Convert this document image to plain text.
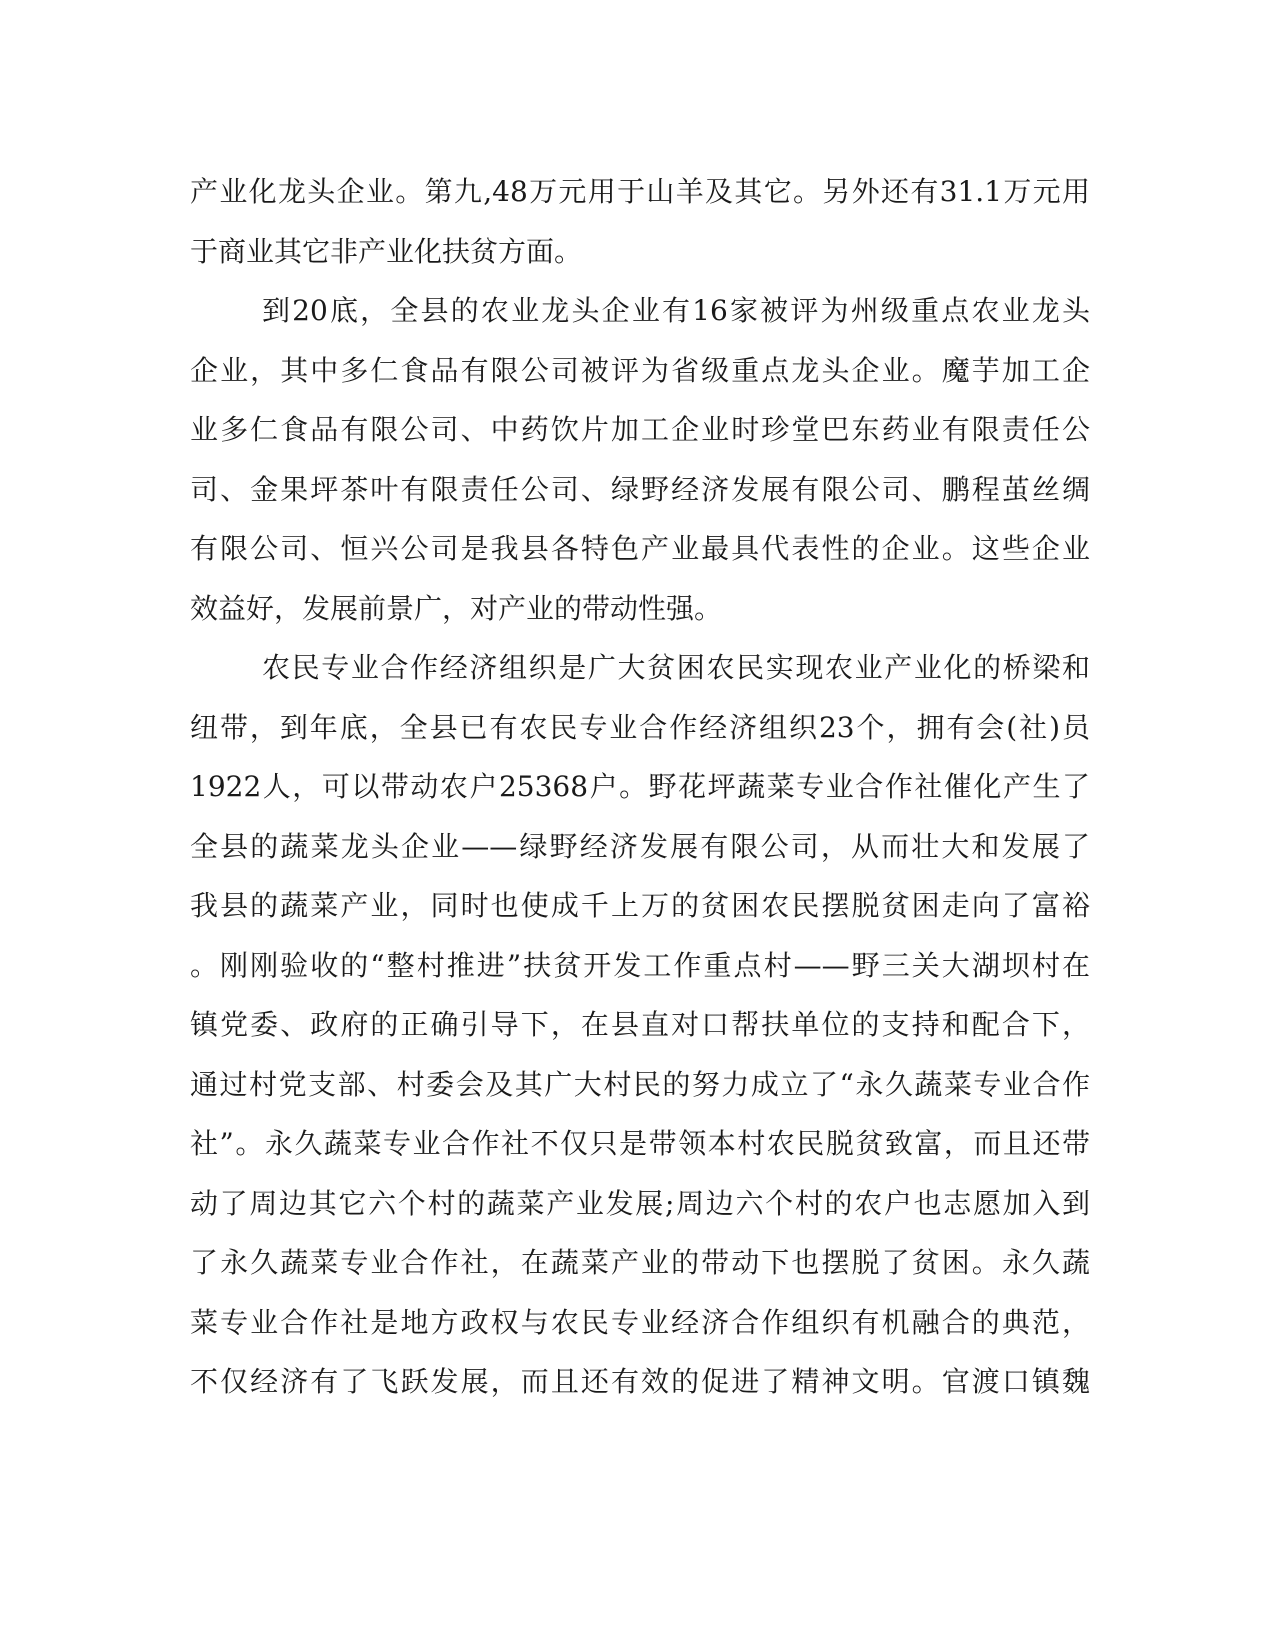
产业化龙头企业。第九,48万元用于山羊及其它。另外还有31.1万元用
于商业其它非产业化扶贫方面。
到20底，全县的农业龙头企业有16家被评为州级重点农业龙头
企业，其中多仁食品有限公司被评为省级重点龙头企业。魔芋加工企
业多仁食品有限公司、中药饮片加工企业时珍堂巴东药业有限责任公
司、金果坪茶叶有限责任公司、绿野经济发展有限公司、鹏程茧丝绸
有限公司、恒兴公司是我县各特色产业最具代表性的企业。这些企业
效益好，发展前景广，对产业的带动性强。
农民专业合作经济组织是广大贫困农民实现农业产业化的桥梁和
纽带，到年底，全县已有农民专业合作经济组织23个，拥有会(社)员
1922人，可以带动农户25368户。野花坪蔬菜专业合作社催化产生了
全县的蔬菜龙头企业——绿野经济发展有限公司，从而壮大和发展了
我县的蔬菜产业，同时也使成千上万的贫困农民摆脱贫困走向了富裕
。刚刚验收的“整村推进”扶贫开发工作重点村——野三关大湖坝村在
镇党委、政府的正确引导下，在县直对口帮扶单位的支持和配合下，
通过村党支部、村委会及其广大村民的努力成立了“永久蔬菜专业合作
社”。永久蔬菜专业合作社不仅只是带领本村农民脱贫致富，而且还带
动了周边其它六个村的蔬菜产业发展;周边六个村的农户也志愿加入到
了永久蔬菜专业合作社，在蔬菜产业的带动下也摆脱了贫困。永久蔬
菜专业合作社是地方政权与农民专业经济合作组织有机融合的典范，
不仅经济有了飞跃发展，而且还有效的促进了精神文明。官渡口镇魏
